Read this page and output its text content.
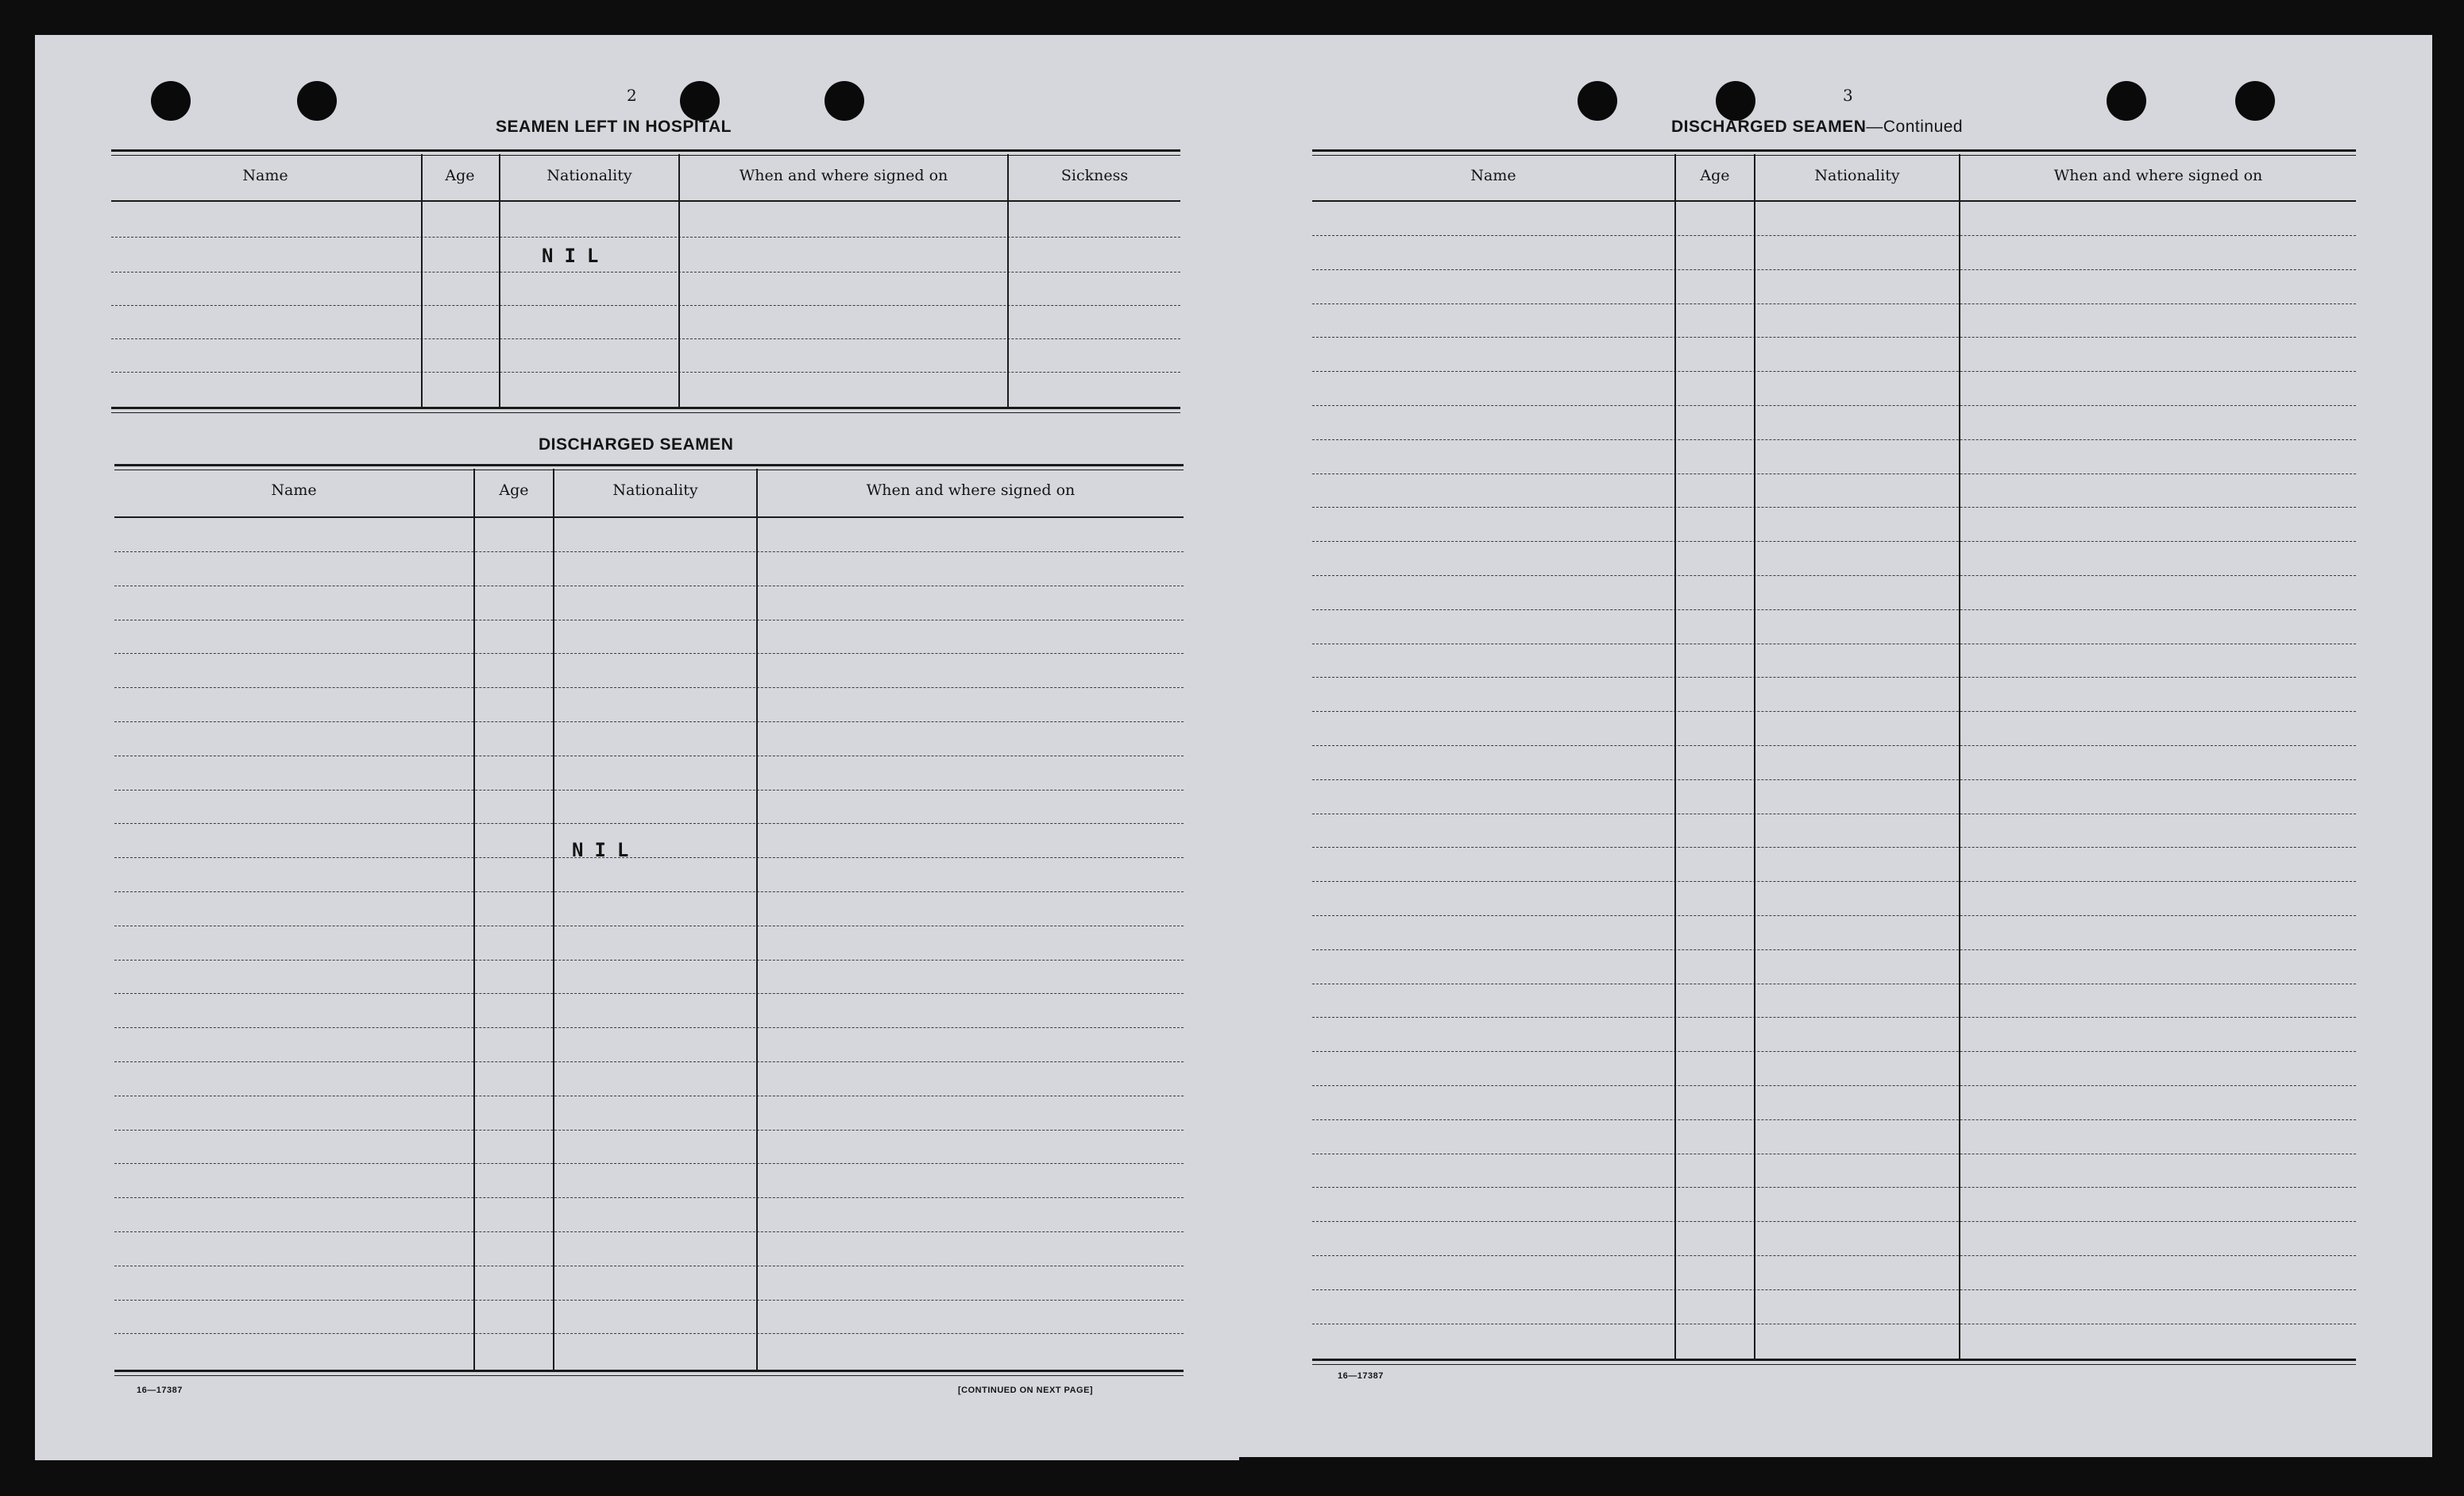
2
SEAMEN LEFT IN HOSPITAL
Name	Age	Nationality	When and where signed on	Sickness
NIL
DISCHARGED SEAMEN
Name	Age	Nationality	When and where signed on
NIL
16—17387	[CONTINUED ON NEXT PAGE]
3
DISCHARGED SEAMEN—Continued
Name	Age	Nationality	When and where signed on
16—17387
